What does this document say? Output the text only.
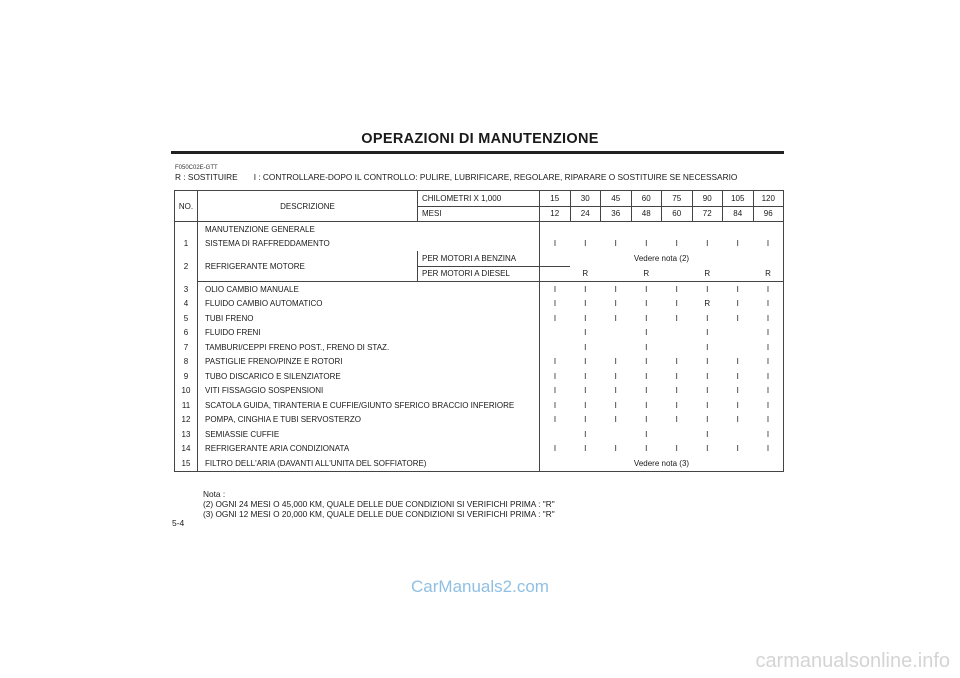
OPERAZIONI DI MANUTENZIONE
F050C02E-GTT
R : SOSTITUIRE I : CONTROLLARE-DOPO IL CONTROLLO: PULIRE, LUBRIFICARE, REGOLARE, RIPARARE O SOSTITUIRE SE NECESSARIO
NO.	DESCRIZIONE	CHILOMETRI X 1,000	15	30	45	60	75	90	105	120
		MESI	12	24	36	48	60	72	84	96
	MANUTENZIONE GENERALE									
1	SISTEMA DI RAFFREDDAMENTO		I	I	I	I	I	I	I	I
2	REFRIGERANTE MOTORE	PER MOTORI A BENZINA	Vedere nota (2)							
		PER MOTORI A DIESEL		R		R		R		R
3	OLIO CAMBIO MANUALE		I	I	I	I	I	I	I	I
4	FLUIDO CAMBIO AUTOMATICO		I	I	I	I	I	R	I	I
5	TUBI FRENO		I	I	I	I	I	I	I	I
6	FLUIDO FRENI			I		I		I		I
7	TAMBURI/CEPPI FRENO POST., FRENO DI STAZ.			I		I		I		I
8	PASTIGLIE FRENO/PINZE E ROTORI		I	I	I	I	I	I	I	I
9	TUBO DISCARICO E SILENZIATORE		I	I	I	I	I	I	I	I
10	VITI FISSAGGIO SOSPENSIONI		I	I	I	I	I	I	I	I
11	SCATOLA GUIDA, TIRANTERIA E CUFFIE/GIUNTO SFERICO BRACCIO INFERIORE		I	I	I	I	I	I	I	I
12	POMPA, CINGHIA E TUBI SERVOSTERZO		I	I	I	I	I	I	I	I
13	SEMIASSIE CUFFIE			I		I		I		I
14	REFRIGERANTE ARIA CONDIZIONATA		I	I	I	I	I	I	I	I
15	FILTRO DELL'ARIA (DAVANTI ALL'UNITA DEL SOFFIATORE)		Vedere nota (3)							
Nota :
(2) OGNI 24 MESI O 45,000 KM, QUALE DELLE DUE CONDIZIONI SI VERIFICHI PRIMA : "R"
(3) OGNI 12 MESI O 20,000 KM, QUALE DELLE DUE CONDIZIONI SI VERIFICHI PRIMA : "R"
5-4
CarManuals2.com
carmanualsonline.info
